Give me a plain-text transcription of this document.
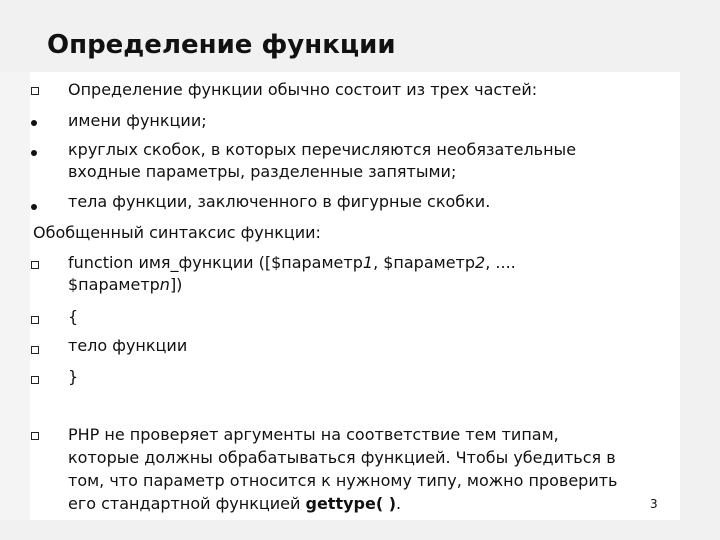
Определение функции
Определение функции обычно состоит из трех частей:
имени функции;
круглых скобок, в которых перечисляются необязательные
входные параметры, разделенные запятыми;
тела функции, заключенного в фигурные скобки.
Обобщенный синтаксис функции:
function имя_функции ([$параметр1, $параметр2, ....
$параметрn])
{
тело функции
}
PHP не проверяет аргументы на соответствие тем типам,
которые должны обрабатываться функцией. Чтобы убедиться в
том, что параметр относится к нужному типу, можно проверить
его стандартной функцией gettype( ).	3
